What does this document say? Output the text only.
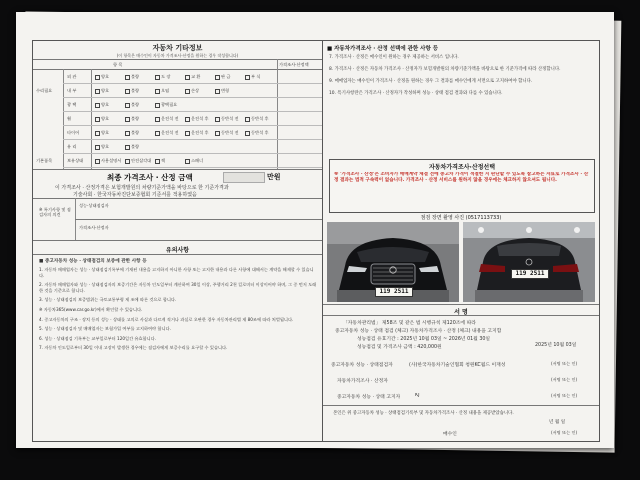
자동차 기타정보
(이 항목은 매수인이 자동차 가격조사·산정을 원하는 경우 작성합니다)
항 목	가격조사·산정액
외 관	양호	불량	도 장	교 환	판 금	부 식
수리필요	내 부	양호	불량	오염	손상	변형
광 택	양호	불량	광택필요
휠	양호	불량	운전석 전	운전석 후	동반석 전	동반석 후
타이어	양호	불량	운전석 전	운전석 후	동반석 전	동반석 후
유 리	양호	불량
기본품목	보유상태	사용설명서	안전삼각대	잭	스패너
최종 가격조사 · 산정 금액	만원
이 가격조사 · 산정가격은 보험개발원의 차량기준가액을 바탕으로 한 기준가격과
기술사회 · 한국자동차진단보증협회 기준서를 적용하였음
※ 특기사항 및 점검자의 의견
성능·상태점검자
가격조사·산정자
유의사항
■ 중고자동차 성능 · 상태점검의 보증에 관한 사항 등
1. 자동차 매매업자는 성능 · 상태점검기록부에 기재된 내용을 고지하지 아니한 사항 또는 고지한 내용과 다른 사항에 대해서는 계약을 해제할 수 있습니다.
2. 자동차 매매업자와 성능 · 상태점검자의 보증기간은 자동차 인도일부터 계산하여 30일 이상, 주행거리 2천 킬로미터 이상이어야 하며, 그 중 먼저 도래한 것을 기준으로 합니다.
3. 성능 · 상태점검의 보증범위는 국토교통부령 제 조에 따른 것으로 합니다.
※ 자동차365(www.car.go.kr)에서 확인할 수 있습니다.
4. 중고자동차의 구조 · 장치 등의 성능 · 상태를 고의로 사실과 다르게 적거나 과실로 오판한 경우 자동차관리법 제 80조에 따라 처벌됩니다.
5. 성능 · 상태점검자 및 매매업자는 보험가입 여부를 고지하여야 합니다.
6. 성능 · 상태점검 기록부는 교부일로부터 120일간 유효합니다.
7. 자동차 인도일로부터 30일 이내 고장이 발생한 경우에는 점검자에게 보증수리를 요구할 수 있습니다.
■ 자동차가격조사 · 산정 선택에 관한 사항 등
7. 가격조사 · 산정은 매수인이 원하는 경우 제공하는 서비스 입니다.
8. 가격조사 · 산정은 자동차 가격조사 · 산정자가 보험개발원의 차량기준가액을 바탕으로 한 기준가격에 따라 산정합니다.
9. 매매업자는 매수인이 가격조사 · 산정을 원하는 경우 그 결과를 매수인에게 서면으로 고지하여야 합니다.
10. 특기사항란은 가격조사 · 산정자가 작성하며 성능 · 상태 점검 결과와 다를 수 있습니다.
자동차가격조사·산정선택
※ '가격조사 · 산정'은 소비자가 매매계약 체결 전에 중고차 가격이 적절한 지 판단할 수 있도록 참고하는 자료로 가격조사 · 산정 결과는 법적 구속력이 없습니다. 가격조사 · 산정 서비스를 원하지 않을 경우에는 체크하지 않으셔도 됩니다.
점검 장면 촬영 사진 (0517113733)
119 2511
119 2511
서 명
「자동차관리법」 제58조 및 같은 법 시행규칙 제120조에 따라
중고자동차 성능 · 상태 점검 (체크) 자동차가격조사 · 산정 (체크) 내용을 고지함
성능점검 유효기간 : 2025년 10월 03일 ~ 2026년 01월 30일
성능점검 및 가격조사 금액 : 420,000원	2025년 10월 03일
중고자동차 성능 · 상태점검자	(사)한국자동차기술인협회 청원KC월드 이재성	(서명 또는 인)
자동차가격조사 · 산정자	(서명 또는 인)
중고자동차 성능 · 상태 고지자	KJ	(서명 또는 인)
본인은 위 중고자동차 성능 · 상태점검기록부 및 자동차가격조사 · 산정 내용을 제공받았습니다.
년 월 일
매수인	(서명 또는 인)
